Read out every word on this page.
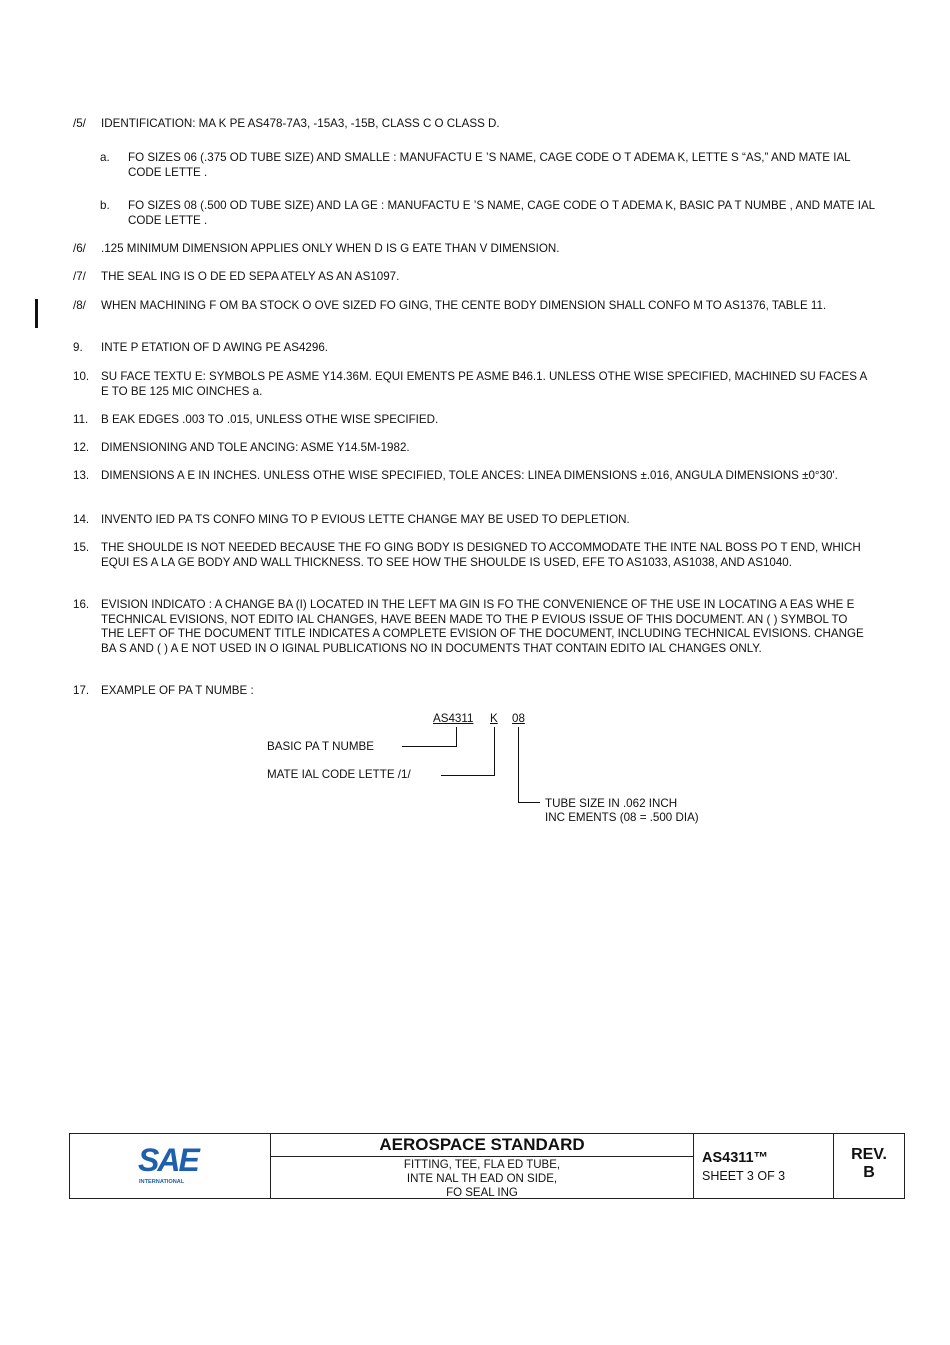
/5/ IDENTIFICATION: MA K PE AS478-7A3, -15A3, -15B, CLASS C O CLASS D.
a. FO SIZES 06 (.375 OD TUBE SIZE) AND SMALLE : MANUFACTU E ’S NAME, CAGE CODE O T ADEMA K, LETTE S “AS,” AND MATE IAL CODE LETTE .
b. FO SIZES 08 (.500 OD TUBE SIZE) AND LA GE : MANUFACTU E ’S NAME, CAGE CODE O T ADEMA K, BASIC PA T NUMBE , AND MATE IAL CODE LETTE .
/6/ .125 MINIMUM DIMENSION APPLIES ONLY WHEN D IS G EATE THAN V DIMENSION.
/7/ THE SEAL ING IS O DE ED SEPA ATELY AS AN AS1097.
/8/ WHEN MACHINING F OM BA STOCK O OVE SIZED FO GING, THE CENTE BODY DIMENSION SHALL CONFO M TO AS1376, TABLE 11.
9. INTE P ETATION OF D AWING PE AS4296.
10. SU FACE TEXTU E: SYMBOLS PE ASME Y14.36M. EQUI EMENTS PE ASME B46.1. UNLESS OTHE WISE SPECIFIED, MACHINED SU FACES A E TO BE 125 MIC OINCHES a.
11. B EAK EDGES .003 TO .015, UNLESS OTHE WISE SPECIFIED.
12. DIMENSIONING AND TOLE ANCING: ASME Y14.5M-1982.
13. DIMENSIONS A E IN INCHES. UNLESS OTHE WISE SPECIFIED, TOLE ANCES: LINEA DIMENSIONS ±.016, ANGULA DIMENSIONS ±0°30'.
14. INVENTO IED PA TS CONFO MING TO P EVIOUS LETTE CHANGE MAY BE USED TO DEPLETION.
15. THE SHOULDE IS NOT NEEDED BECAUSE THE FO GING BODY IS DESIGNED TO ACCOMMODATE THE INTE NAL BOSS PO T END, WHICH EQUI ES A LA GE BODY AND WALL THICKNESS. TO SEE HOW THE SHOULDE IS USED, EFE TO AS1033, AS1038, AND AS1040.
16. EVISION INDICATO : A CHANGE BA (I) LOCATED IN THE LEFT MA GIN IS FO THE CONVENIENCE OF THE USE IN LOCATING A EAS WHE E TECHNICAL EVISIONS, NOT EDITO IAL CHANGES, HAVE BEEN MADE TO THE P EVIOUS ISSUE OF THIS DOCUMENT. AN ( ) SYMBOL TO THE LEFT OF THE DOCUMENT TITLE INDICATES A COMPLETE EVISION OF THE DOCUMENT, INCLUDING TECHNICAL EVISIONS. CHANGE BA S AND ( ) A E NOT USED IN O IGINAL PUBLICATIONS NO IN DOCUMENTS THAT CONTAIN EDITO IAL CHANGES ONLY.
17. EXAMPLE OF PA T NUMBE :
AS4311 K 08
BASIC PA T NUMBE
MATE IAL CODE LETTE /1/
TUBE SIZE IN .062 INCH
INC EMENTS (08 = .500 DIA)
SAE
INTERNATIONAL
AEROSPACE STANDARD
FITTING, TEE, FLA ED TUBE,
INTE NAL TH EAD ON SIDE,
FO SEAL ING
AS4311™
SHEET 3 OF 3
REV.
B
